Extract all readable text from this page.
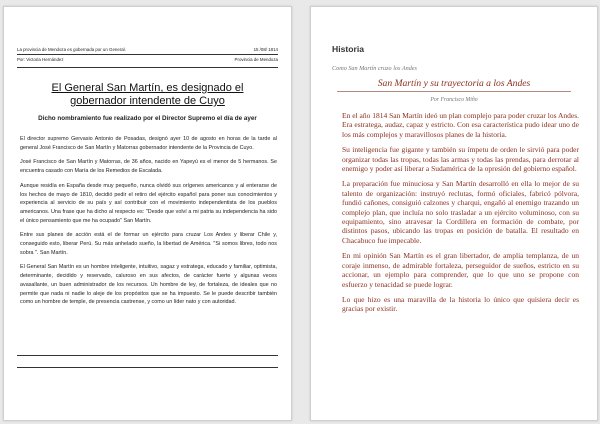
La provincia de Mendoza es gobernada por un General.	15 /08/ 1814
Por: Victoria Hernández	Provincia de Mendoza
El General San Martín, es designado el gobernador intendente de Cuyo
Dicho nombramiento fue realizado por el Director Supremo el día de ayer

El director supremo Gervasio Antonio de Posadas, designó ayer 10 de agosto en horas de la tarde al general José Francisco de San Martín y Matorras gobernador intendente de la Provincia de Cuyo.

José Francisco de San Martín y Matorras, de 36 años, nacido en Yapeyú es el menor de 5 hermanos. Se encuentra casado con María de los Remedios de Escalada.

Aunque residía en España desde muy pequeño, nunca olvidó sus orígenes americanos y al enterarse de los hechos de mayo de 1810, decidió pedir el retiro del ejército español para poner sus conocimientos y experiencia al servicio de su país y así contribuir con el movimiento independentista de los pueblos americanos. Una frase que ha dicho al respecto es: "Desde que volví a mi patria su independencia ha sido el único pensamiento que me ha ocupado" San Martín.

Entre sus planes de acción está el de formar un ejército para cruzar Los Andes y liberar Chile y, conseguido esto, liberar Perú. Su más anhelado sueño, la libertad de América. "Si somos libres, todo nos sobra ". San Martín.

El General San Martín es un hombre inteligente, intuitivo, sagaz y estratega, educado y familiar, optimista, determinante, decidido y reservado, caluroso en sus afectos, de carácter fuerte y algunas veces avasallante, un buen administrador de los recursos. Un hombre de ley, de fortaleza, de ideales que no permite que nada ni nadie lo aleje de los propósitos que se ha impuesto. Se le puede describir también como un hombre de temple, de presencia castrense, y como un líder nato y con autoridad.

Historia
Como San Martín cruzo los Andes
San Martín y su trayectoria a los Andes
Por Francisco Miño

En el año 1814 San Martín ideó un plan complejo para poder cruzar los Andes. Era estratega, audaz, capaz y estricto. Con esa característica pudo idear uno de los más complejos y maravillosos planes de la historia.

Su inteligencia fue gigante y también su ímpetu de orden le sirvió para poder organizar todas las tropas, todas las armas y todas las prendas, para derrotar al enemigo y poder así liberar a Sudamérica de la opresión del gobierno español.

La preparación fue minuciosa y San Martín desarrolló en ella lo mejor de su talento de organización: instruyó reclutas, formó oficiales, fabricó pólvora, fundió cañones, consiguió calzones y charqui, engañó al enemigo trazando un complejo plan, que incluía no solo trasladar a un ejército voluminoso, con su equipamiento, sino atravesar la Cordillera en formación de combate, por distintos pasos, ubicando las tropas en posición de batalla. El resultado en Chacabuco fue impecable.

En mi opinión San Martín es el gran libertador, de amplia templanza, de un coraje inmenso, de admirable fortaleza, perseguidor de sueños, estricto en su accionar, un ejemplo para comprender, que lo que uno se propone con esfuerzo y tenacidad se puede lograr.

Lo que hizo es una maravilla de la historia lo único que quisiera decir es gracias por existir.
